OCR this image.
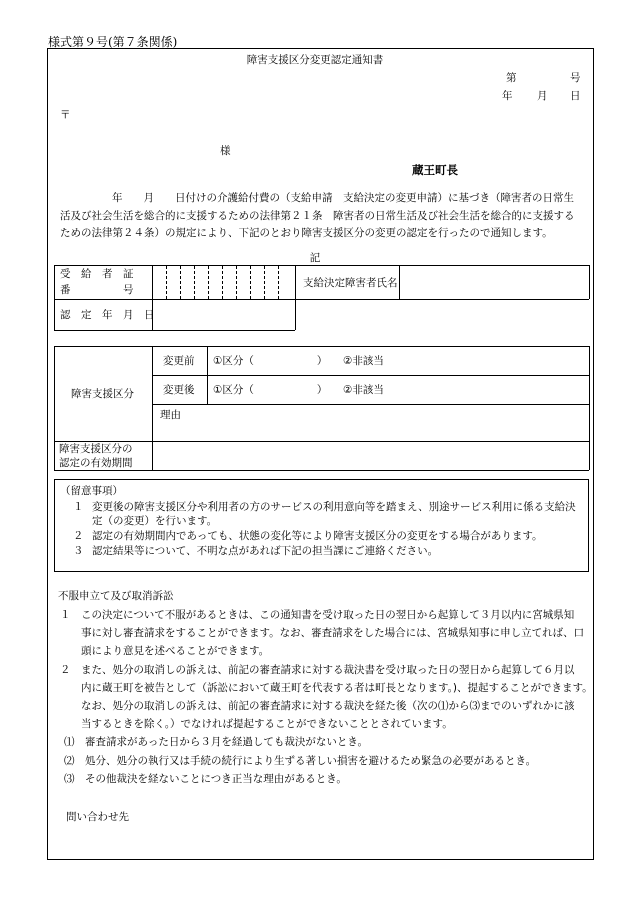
様式第９号(第７条関係)
障害支援区分変更認定通知書
第	号
年 月 日
〒
様
蔵王町長
年　　月　　日付けの介護給付費の（支給申請　支給決定の変更申請）に基づき（障害者の日常生
活及び社会生活を総合的に支援するための法律第２１条　障害者の日常生活及び社会生活を総合的に支援する
ための法律第２４条）の規定により、下記のとおり障害支援区分の変更の認定を行ったので通知します。
記
受　給　者　証
番　　　　　号
支給決定障害者氏名
認　定　年　月　日
障害支援区分
変更前 ①区分（　　　　　　） ②非該当
変更後 ①区分（　　　　　　） ②非該当
理由
障害支援区分の
認定の有効期間
（留意事項）
１ 変更後の障害支援区分や利用者の方のサービスの利用意向等を踏まえ、別途サービス利用に係る支給決
定（の変更）を行います。
２ 認定の有効期間内であっても、状態の変化等により障害支援区分の変更をする場合があります。
３ 認定結果等について、不明な点があれば下記の担当課にご連絡ください。
不服申立て及び取消訴訟
１　この決定について不服があるときは、この通知書を受け取った日の翌日から起算して３月以内に宮城県知
　　事に対し審査請求をすることができます。なお、審査請求をした場合には、宮城県知事に申し立てれば、口
　　頭により意見を述べることができます。
２　また、処分の取消しの訴えは、前記の審査請求に対する裁決書を受け取った日の翌日から起算して６月以
　　内に蔵王町を被告として（訴訟において蔵王町を代表する者は町長となります。)、提起することができます。
　　なお、処分の取消しの訴えは、前記の審査請求に対する裁決を経た後（次の⑴から⑶までのいずれかに該
　　当するときを除く。）でなければ提起することができないこととされています。
⑴　審査請求があった日から３月を経過しても裁決がないとき。
⑵　処分、処分の執行又は手続の続行により生ずる著しい損害を避けるため緊急の必要があるとき。
⑶　その他裁決を経ないことにつき正当な理由があるとき。
問い合わせ先
